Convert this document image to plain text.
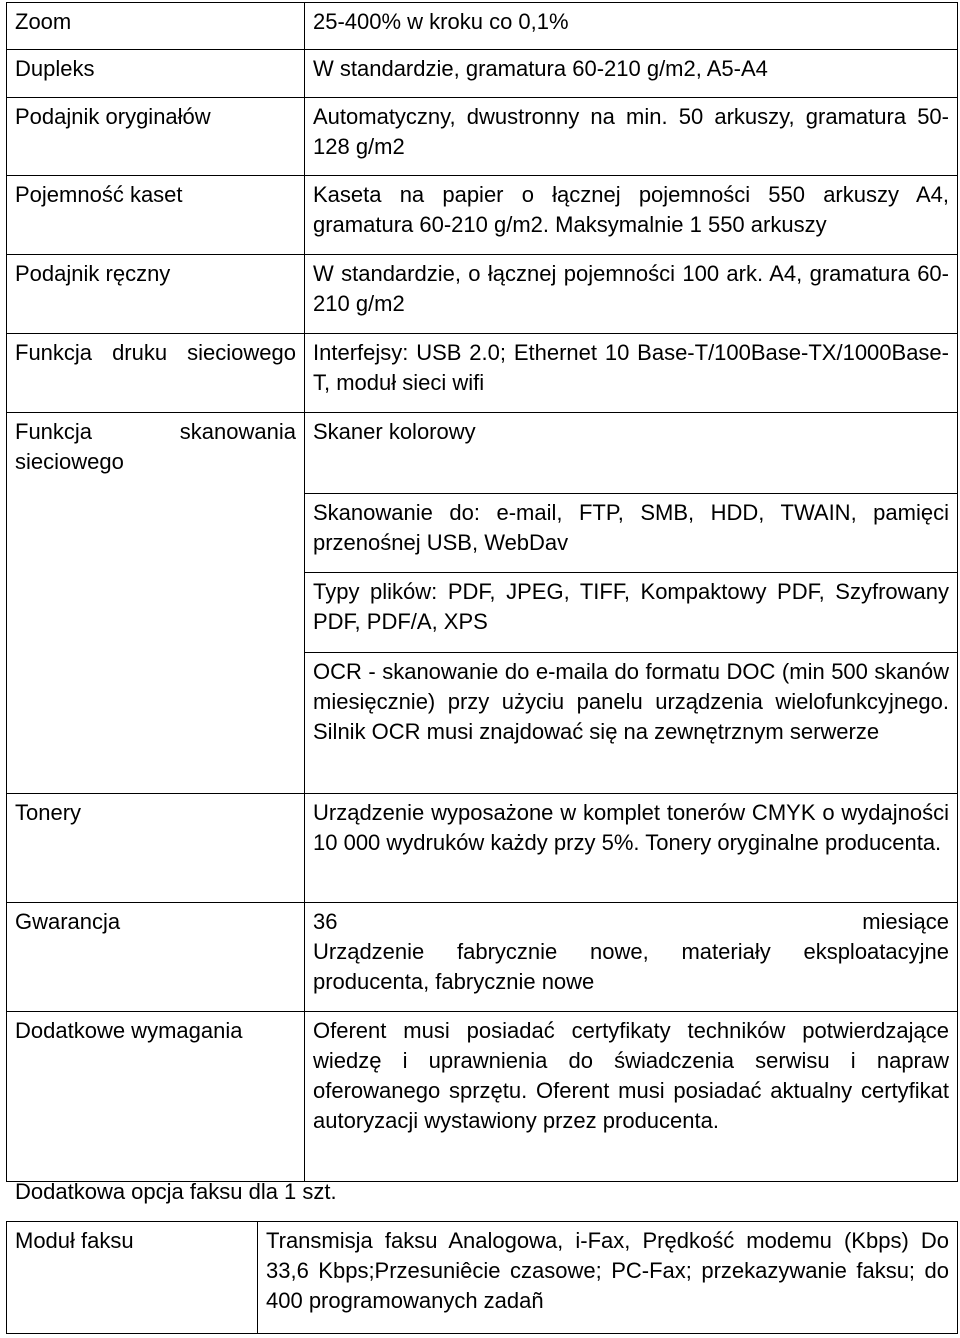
Zoom	25-400% w kroku co 0,1%
Dupleks	W standardzie, gramatura 60-210 g/m2, A5-A4
Podajnik oryginałów	Automatyczny, dwustronny na min. 50 arkuszy, gramatura 50-128 g/m2
Pojemność kaset	Kaseta na papier o łącznej pojemności 550 arkuszy A4, gramatura 60-210 g/m2. Maksymalnie 1 550 arkuszy
Podajnik ręczny	W standardzie, o łącznej pojemności 100 ark. A4, gramatura 60-210 g/m2
Funkcja druku sieciowego	Interfejsy: USB 2.0; Ethernet 10 Base-T/100Base-TX/1000Base-T, moduł sieci wifi
Funkcja skanowania sieciowego	Skaner kolorowy
	Skanowanie do: e-mail, FTP, SMB, HDD, TWAIN, pamięci przenośnej USB, WebDav
	Typy plików: PDF, JPEG, TIFF, Kompaktowy PDF, Szyfrowany PDF, PDF/A, XPS
	OCR - skanowanie do e-maila do formatu DOC (min 500 skanów miesięcznie) przy użyciu panelu urządzenia wielofunkcyjnego. Silnik OCR musi znajdować się na zewnętrznym serwerze
Tonery	Urządzenie wyposażone w komplet tonerów CMYK o wydajności 10 000 wydruków każdy przy 5%. Tonery oryginalne producenta.
Gwarancja	36 miesiące
Urządzenie fabrycznie nowe, materiały eksploatacyjne producenta, fabrycznie nowe

Dodatkowe wymagania	Oferent musi posiadać certyfikaty techników potwierdzające wiedzę i uprawnienia do świadczenia serwisu i napraw oferowanego sprzętu. Oferent musi posiadać aktualny certyfikat autoryzacji wystawiony przez producenta.
Dodatkowa opcja faksu dla 1 szt.
Moduł faksu	Transmisja faksu Analogowa, i-Fax, Prędkość modemu (Kbps) Do 33,6 Kbps;Przesuniêcie czasowe; PC-Fax; przekazywanie faksu; do 400 programowanych zadañ
